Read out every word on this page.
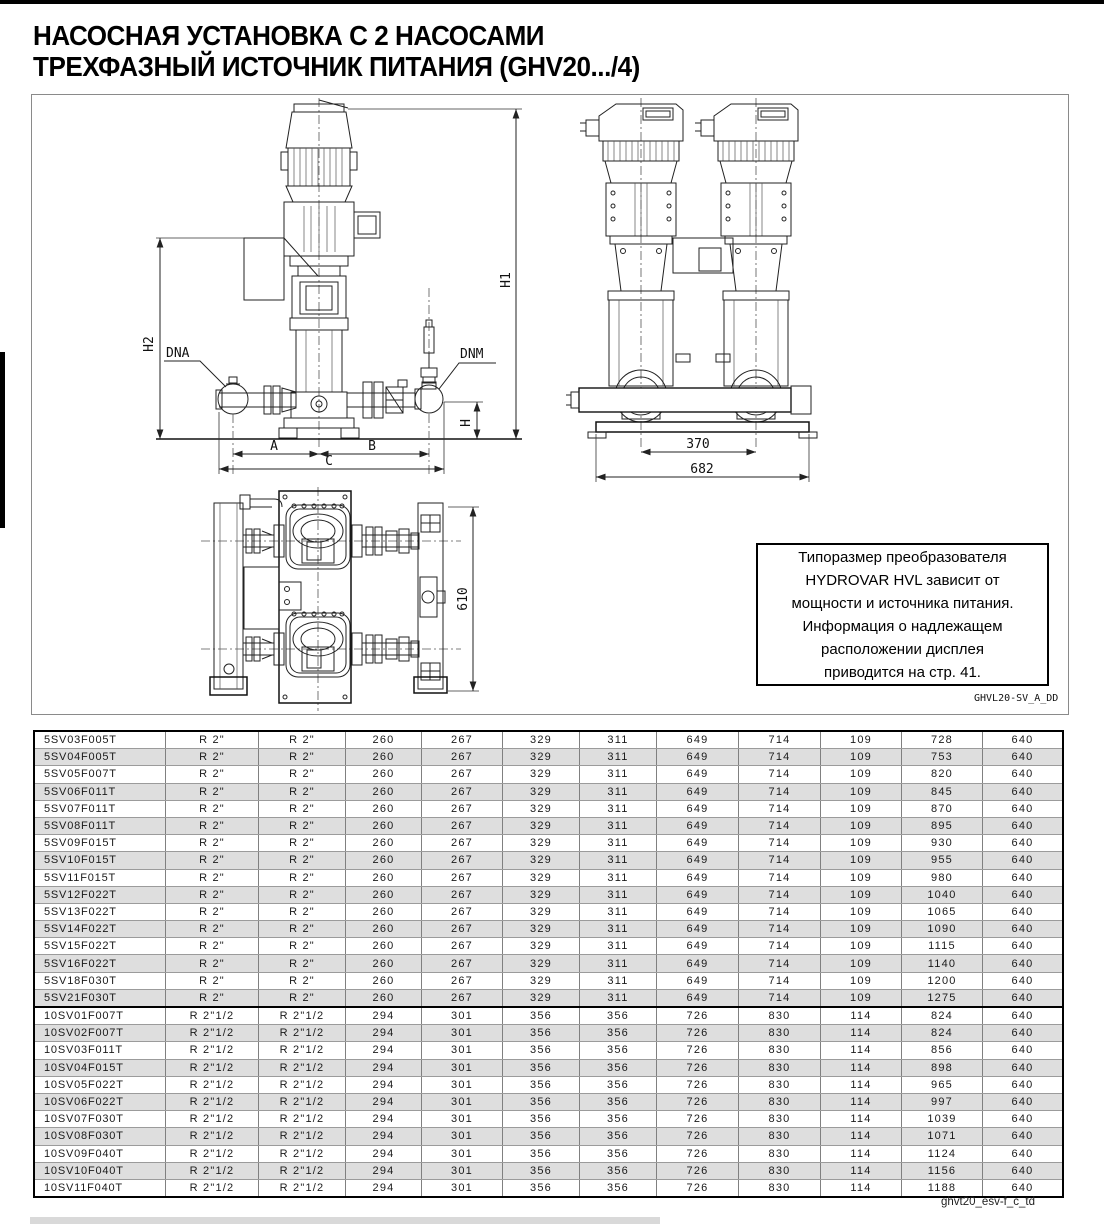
НАСОСНАЯ УСТАНОВКА С 2 НАСОСАМИ
ТРЕХФАЗНЫЙ ИСТОЧНИК ПИТАНИЯ (GHV20.../4)
H1
H2
H
A	B
C
DNA	DNM
370
682
610
Типоразмер преобразователя
HYDROVAR HVL зависит от
мощности и источника питания.
Информация о надлежащем
расположении дисплея
приводится на стр. 41.
GHVL20-SV_A_DD
5SV03F005T	R 2"	R 2"	260	267	329	311	649	714	109	728	640
5SV04F005T	R 2"	R 2"	260	267	329	311	649	714	109	753	640
5SV05F007T	R 2"	R 2"	260	267	329	311	649	714	109	820	640
5SV06F011T	R 2"	R 2"	260	267	329	311	649	714	109	845	640
5SV07F011T	R 2"	R 2"	260	267	329	311	649	714	109	870	640
5SV08F011T	R 2"	R 2"	260	267	329	311	649	714	109	895	640
5SV09F015T	R 2"	R 2"	260	267	329	311	649	714	109	930	640
5SV10F015T	R 2"	R 2"	260	267	329	311	649	714	109	955	640
5SV11F015T	R 2"	R 2"	260	267	329	311	649	714	109	980	640
5SV12F022T	R 2"	R 2"	260	267	329	311	649	714	109	1040	640
5SV13F022T	R 2"	R 2"	260	267	329	311	649	714	109	1065	640
5SV14F022T	R 2"	R 2"	260	267	329	311	649	714	109	1090	640
5SV15F022T	R 2"	R 2"	260	267	329	311	649	714	109	1115	640
5SV16F022T	R 2"	R 2"	260	267	329	311	649	714	109	1140	640
5SV18F030T	R 2"	R 2"	260	267	329	311	649	714	109	1200	640
5SV21F030T	R 2"	R 2"	260	267	329	311	649	714	109	1275	640
10SV01F007T	R 2"1/2	R 2"1/2	294	301	356	356	726	830	114	824	640
10SV02F007T	R 2"1/2	R 2"1/2	294	301	356	356	726	830	114	824	640
10SV03F011T	R 2"1/2	R 2"1/2	294	301	356	356	726	830	114	856	640
10SV04F015T	R 2"1/2	R 2"1/2	294	301	356	356	726	830	114	898	640
10SV05F022T	R 2"1/2	R 2"1/2	294	301	356	356	726	830	114	965	640
10SV06F022T	R 2"1/2	R 2"1/2	294	301	356	356	726	830	114	997	640
10SV07F030T	R 2"1/2	R 2"1/2	294	301	356	356	726	830	114	1039	640
10SV08F030T	R 2"1/2	R 2"1/2	294	301	356	356	726	830	114	1071	640
10SV09F040T	R 2"1/2	R 2"1/2	294	301	356	356	726	830	114	1124	640
10SV10F040T	R 2"1/2	R 2"1/2	294	301	356	356	726	830	114	1156	640
10SV11F040T	R 2"1/2	R 2"1/2	294	301	356	356	726	830	114	1188	640
ghvt20_esv-f_c_td
